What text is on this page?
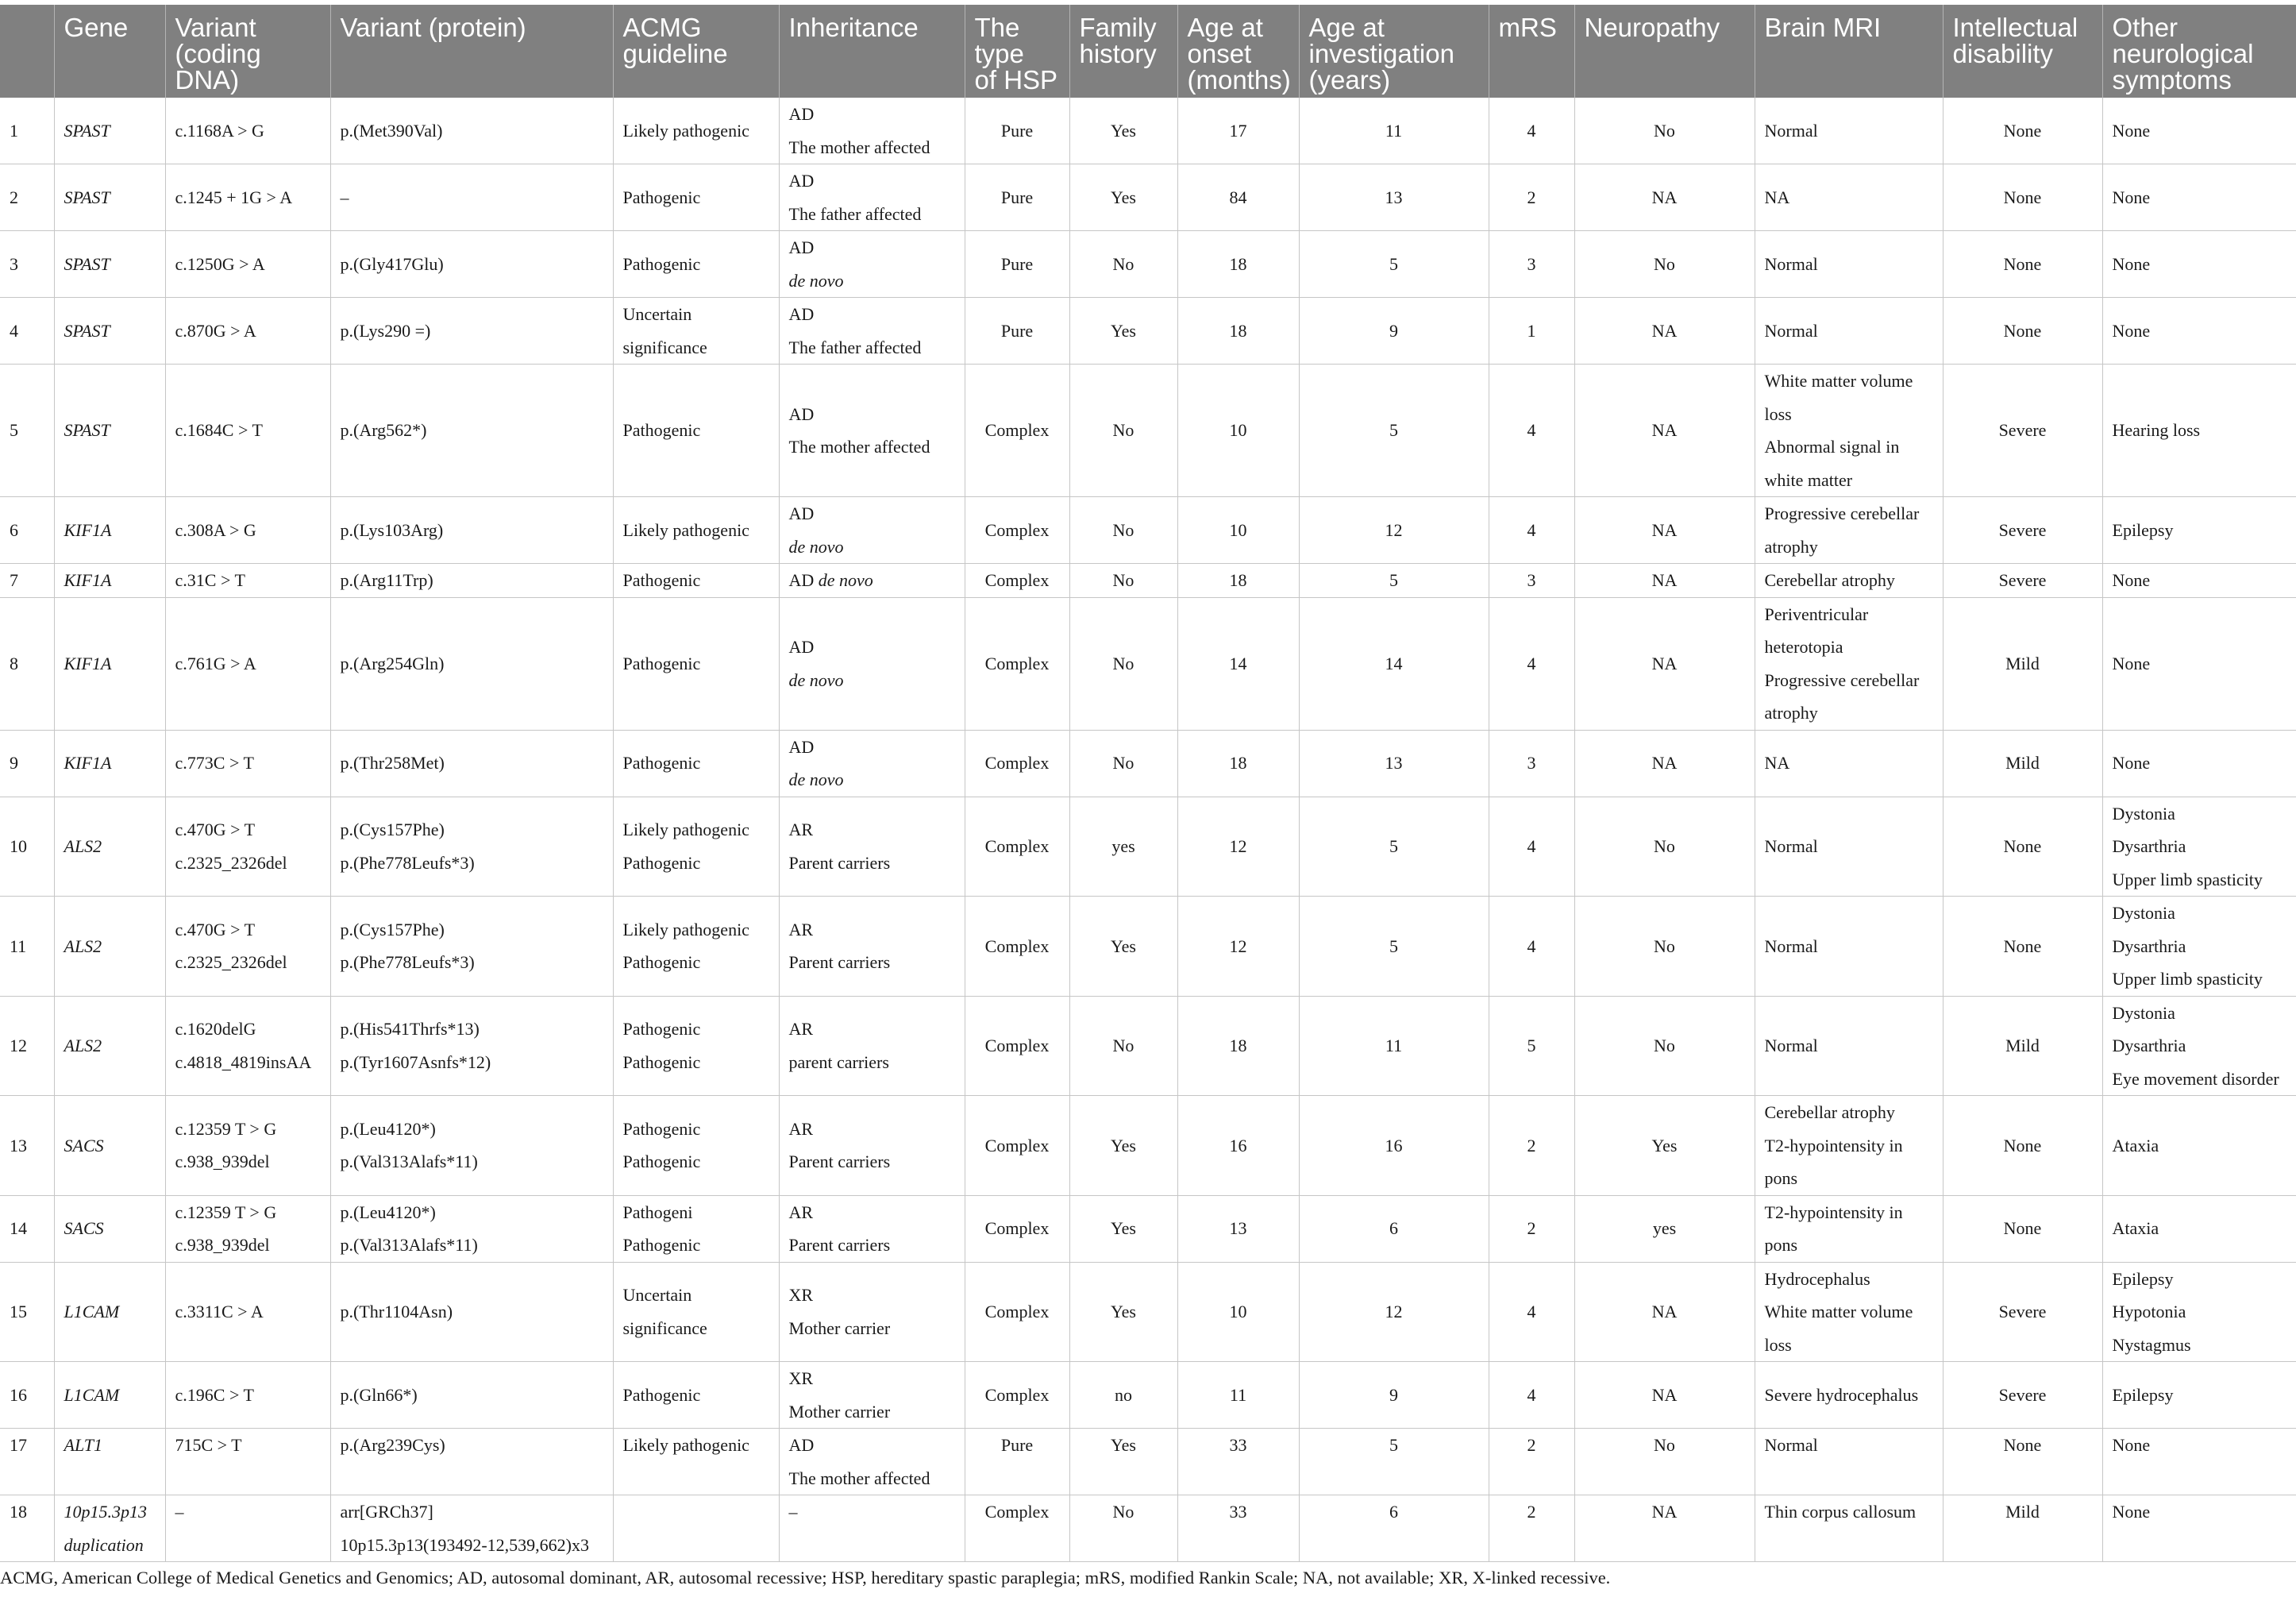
	Gene	Variant
(coding
DNA)	Variant (protein)	ACMG
guideline	Inheritance	The
type
of HSP	Family
history	Age at
onset
(months)	Age at
investigation
(years)	mRS	Neuropathy	Brain MRI	Intellectual
disability	Other
neurological
symptoms

1	SPAST	c.1168A > G	p.(Met390Val)	Likely pathogenic	AD
The mother affected	Pure	Yes	17	11	4	No	Normal	None	None

2	SPAST	c.1245 + 1G > A	–	Pathogenic	AD
The father affected	Pure	Yes	84	13	2	NA	NA	None	None

3	SPAST	c.1250G > A	p.(Gly417Glu)	Pathogenic	AD
de novo	Pure	No	18	5	3	No	Normal	None	None

4	SPAST	c.870G > A	p.(Lys290 =)	Uncertain
significance	AD
The father affected	Pure	Yes	18	9	1	NA	Normal	None	None

5	SPAST	c.1684C > T	p.(Arg562*)	Pathogenic	AD
The mother affected	Complex	No	10	5	4	NA	White matter volume
loss
Abnormal signal in
white matter	Severe	Hearing loss

6	KIF1A	c.308A > G	p.(Lys103Arg)	Likely pathogenic	AD
de novo	Complex	No	10	12	4	NA	Progressive cerebellar
atrophy	Severe	Epilepsy

7	KIF1A	c.31C > T	p.(Arg11Trp)	Pathogenic	AD de novo	Complex	No	18	5	3	NA	Cerebellar atrophy	Severe	None

8	KIF1A	c.761G > A	p.(Arg254Gln)	Pathogenic	AD
de novo	Complex	No	14	14	4	NA	Periventricular
heterotopia
Progressive cerebellar
atrophy	Mild	None

9	KIF1A	c.773C > T	p.(Thr258Met)	Pathogenic	AD
de novo	Complex	No	18	13	3	NA	NA	Mild	None

10	ALS2	c.470G > T
c.2325_2326del	p.(Cys157Phe)
p.(Phe778Leufs*3)	Likely pathogenic
Pathogenic	AR
Parent carriers	Complex	yes	12	5	4	No	Normal	None	Dystonia
Dysarthria
Upper limb spasticity

11	ALS2	c.470G > T
c.2325_2326del	p.(Cys157Phe)
p.(Phe778Leufs*3)	Likely pathogenic
Pathogenic	AR
Parent carriers	Complex	Yes	12	5	4	No	Normal	None	Dystonia
Dysarthria
Upper limb spasticity

12	ALS2	c.1620delG
c.4818_4819insAA	p.(His541Thrfs*13)
p.(Tyr1607Asnfs*12)	Pathogenic
Pathogenic	AR
parent carriers	Complex	No	18	11	5	No	Normal	Mild	Dystonia
Dysarthria
Eye movement disorder

13	SACS	c.12359 T > G
c.938_939del	p.(Leu4120*)
p.(Val313Alafs*11)	Pathogenic
Pathogenic	AR
Parent carriers	Complex	Yes	16	16	2	Yes	Cerebellar atrophy
T2-hypointensity in
pons	None	Ataxia

14	SACS	c.12359 T > G
c.938_939del	p.(Leu4120*)
p.(Val313Alafs*11)	Pathogeni
Pathogenic	AR
Parent carriers	Complex	Yes	13	6	2	yes	T2-hypointensity in
pons	None	Ataxia

15	L1CAM	c.3311C > A	p.(Thr1104Asn)	Uncertain
significance	XR
Mother carrier	Complex	Yes	10	12	4	NA	Hydrocephalus
White matter volume
loss	Severe	Epilepsy
Hypotonia
Nystagmus

16	L1CAM	c.196C > T	p.(Gln66*)	Pathogenic	XR
Mother carrier	Complex	no	11	9	4	NA	Severe hydrocephalus	Severe	Epilepsy

17	ALT1	715C > T	p.(Arg239Cys)	Likely pathogenic	AD
The mother affected	Pure	Yes	33	5	2	No	Normal	None	None

18	10p15.3p13
duplication	–	arr[GRCh37]
10p15.3p13(193492-12,539,662)x3		–	Complex	No	33	6	2	NA	Thin corpus callosum	Mild	None
ACMG, American College of Medical Genetics and Genomics; AD, autosomal dominant, AR, autosomal recessive; HSP, hereditary spastic paraplegia; mRS, modified Rankin Scale; NA, not available; XR, X-linked recessive.
